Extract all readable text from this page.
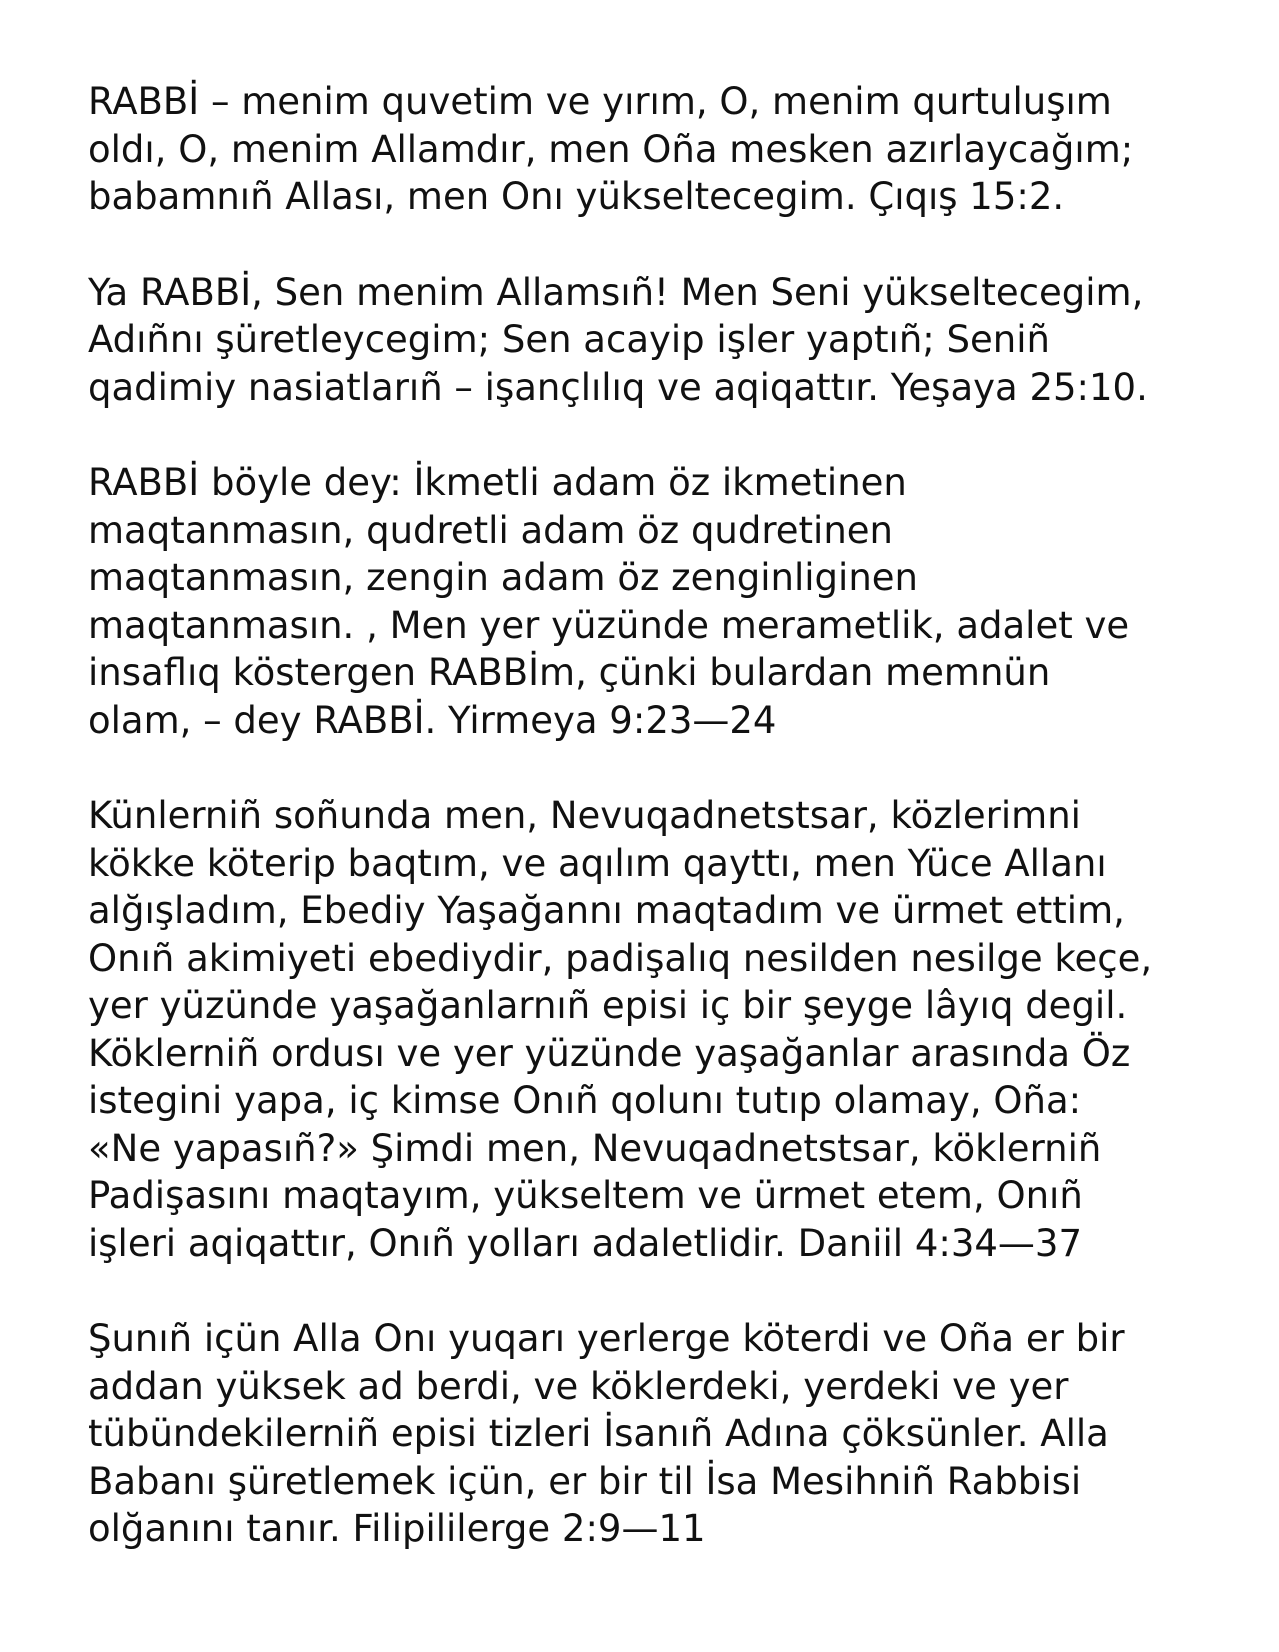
RABBİ – menim quvetim ve yırım, O, menim qurtuluşım
oldı, O, menim Allamdır, men Oña mesken azırlaycağım;
babamnıñ Allası, men Onı yükseltecegim. Çıqış 15:2.

Ya RABBİ, Sen menim Allamsıñ! Men Seni yükseltecegim,
Adıñnı şüretleycegim; Sen acayip işler yaptıñ; Seniñ
qadimiy nasiatlarıñ – işançlılıq ve aqiqattır. Yeşaya 25:10.

RABBİ böyle dey: İkmetli adam öz ikmetinen
maqtanmasın, qudretli adam öz qudretinen
maqtanmasın, zengin adam öz zenginliginen
maqtanmasın. , Men yer yüzünde merametlik, adalet ve
insaflıq köstergen RABBİm, çünki bulardan memnün
olam, – dey RABBİ. Yirmeya 9:23—24

Künlerniñ soñunda men, Nevuqadnetstsar, közlerimni
kökke köterip baqtım, ve aqılım qayttı, men Yüce Allanı
alğışladım, Ebediy Yaşağannı maqtadım ve ürmet ettim,
Onıñ akimiyeti ebediydir, padişalıq nesilden nesilge keçe,
yer yüzünde yaşağanlarnıñ episi iç bir şeyge lâyıq degil.
Köklerniñ ordusı ve yer yüzünde yaşağanlar arasında Öz
istegini yapa, iç kimse Onıñ qolunı tutıp olamay, Oña:
«Ne yapasıñ?» Şimdi men, Nevuqadnetstsar, köklerniñ
Padişasını maqtayım, yükseltem ve ürmet etem, Onıñ
işleri aqiqattır, Onıñ yolları adaletlidir. Daniil 4:34—37

Şunıñ içün Alla Onı yuqarı yerlerge köterdi ve Oña er bir
addan yüksek ad berdi, ve köklerdeki, yerdeki ve yer
tübündekilerniñ episi tizleri İsanıñ Adına çöksünler. Alla
Babanı şüretlemek içün, er bir til İsa Mesihniñ Rabbisi
olğanını tanır. Filipililerge 2:9—11
